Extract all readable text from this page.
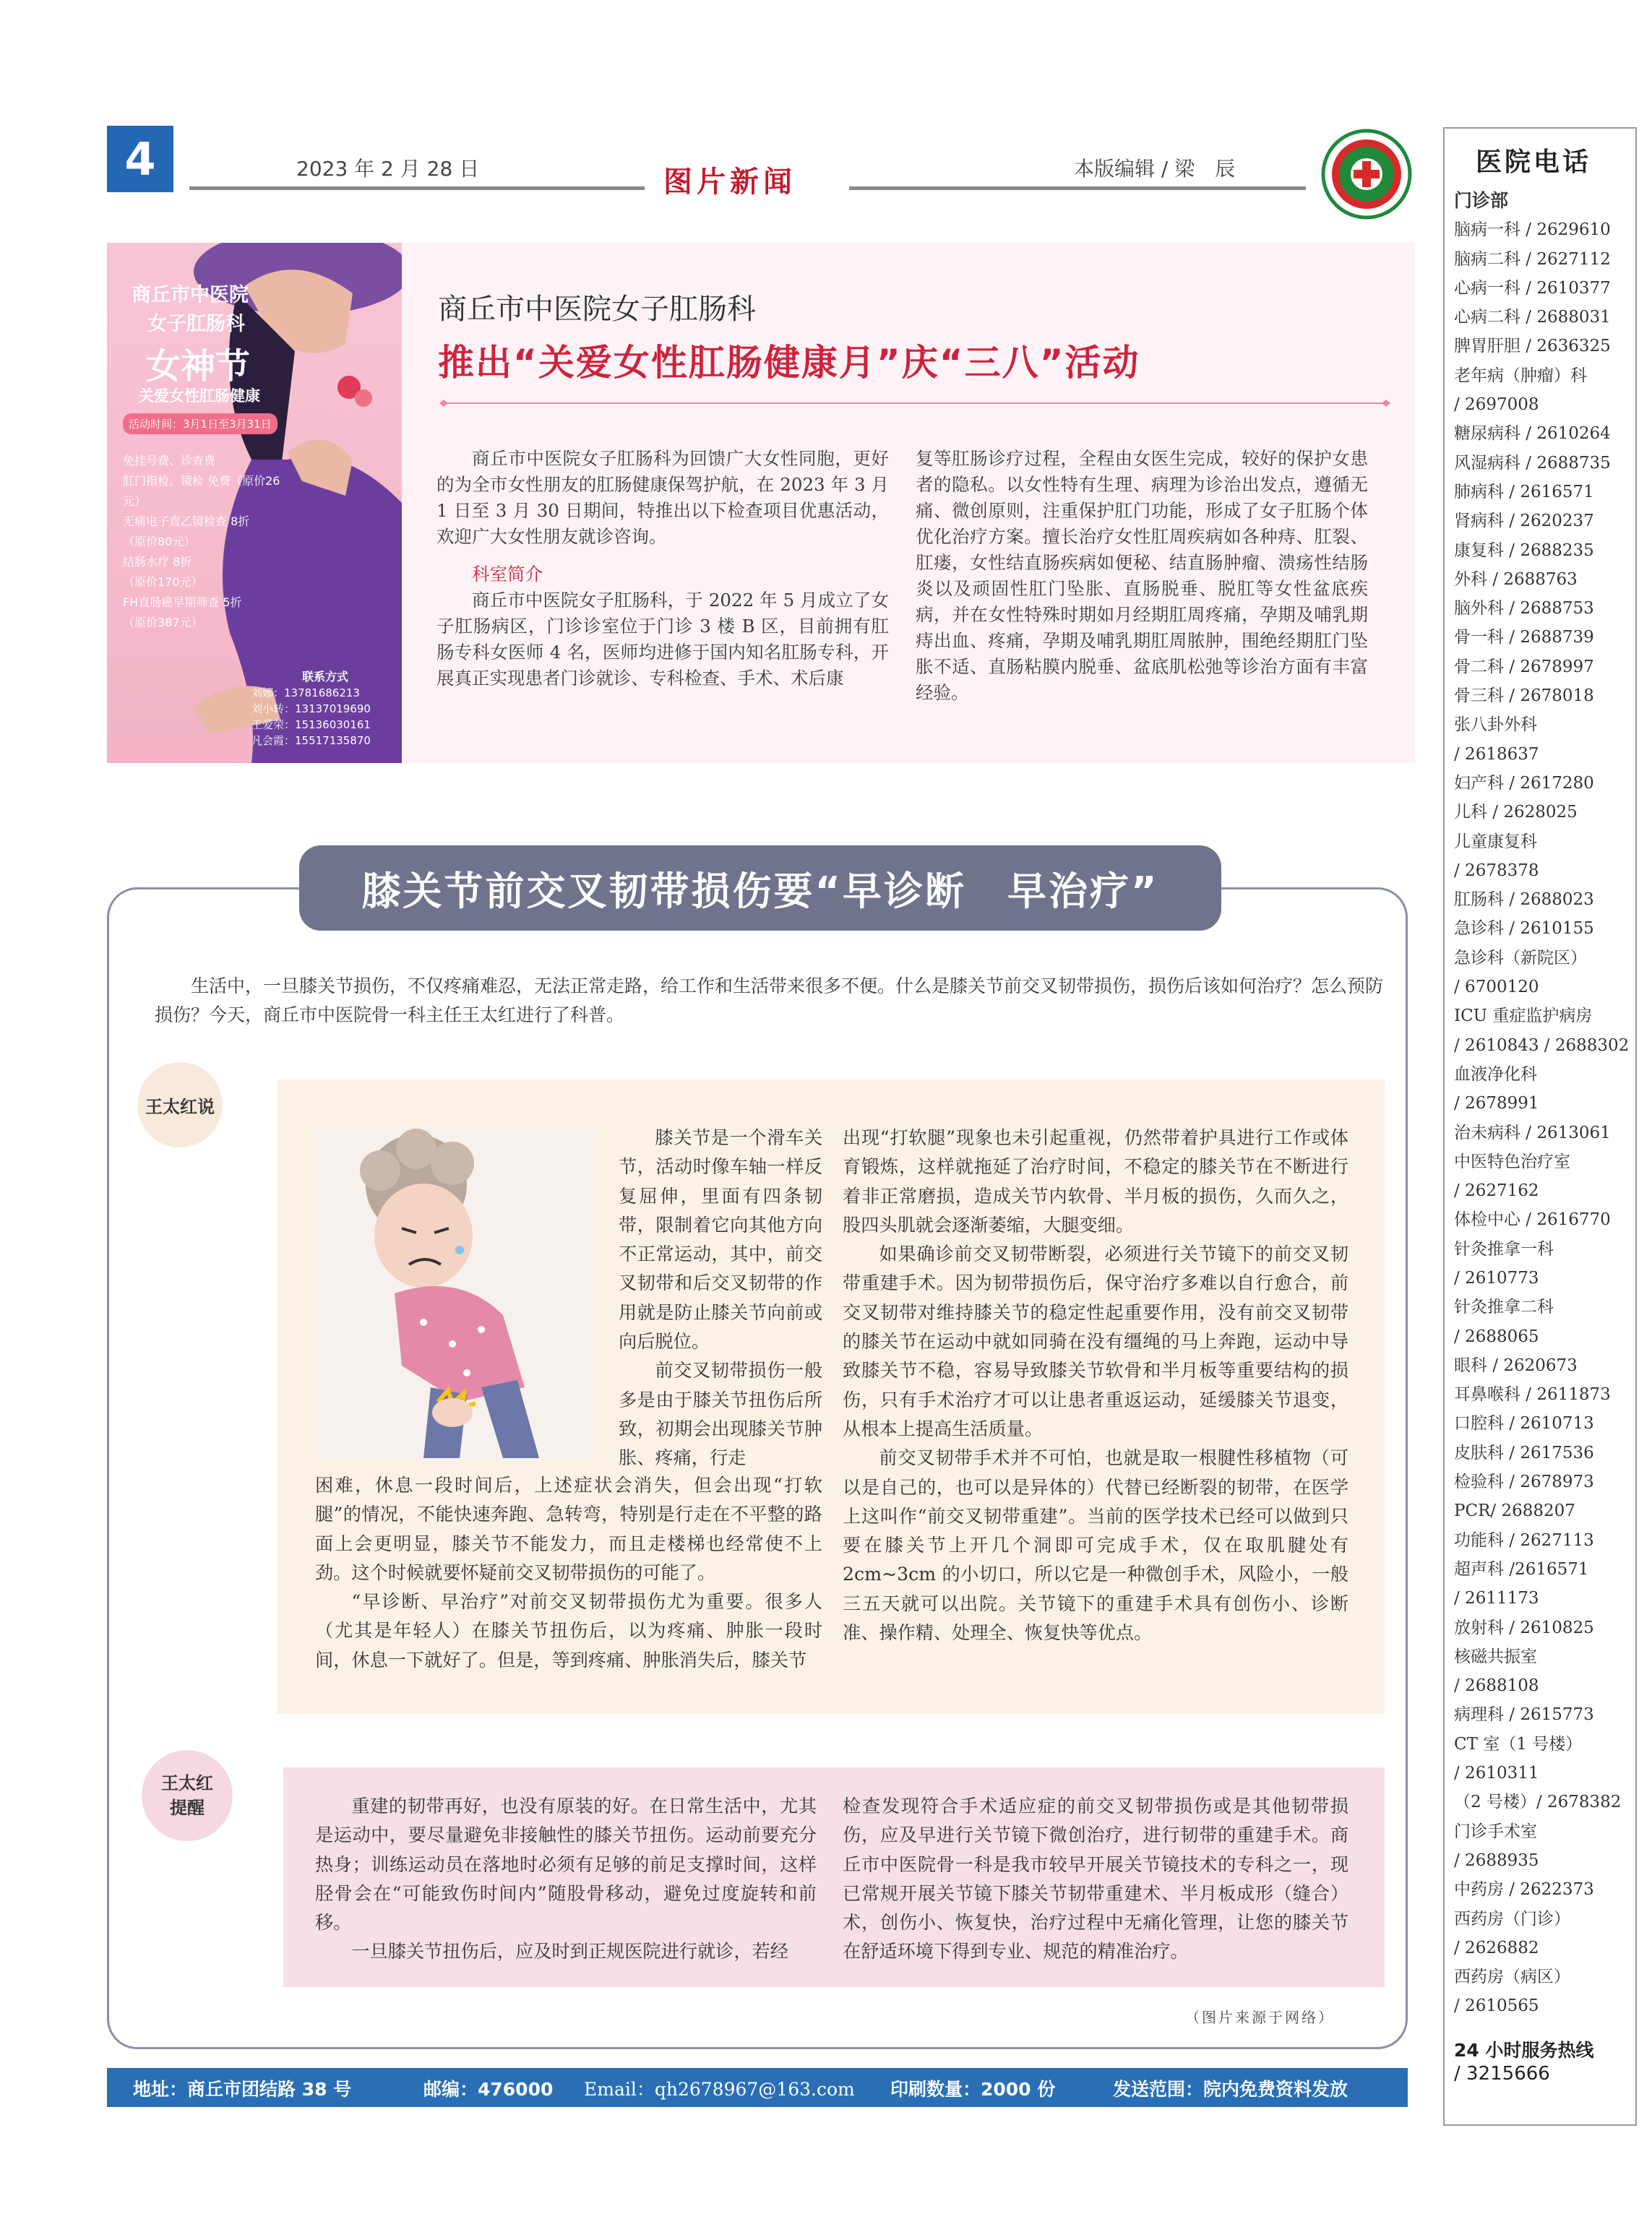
4	2023 年 2 月 28 日	图片新闻	本版编辑 / 梁　辰
商丘市中医院
女子肛肠科
女神节
关爱女性肛肠健康
活动时间：3月1日至3月31日
免挂号费、诊查费
肛门指检、镜检 免费（原价26元）
无痛电子直乙镜检查 8折
（原价80元）
结肠水疗 8折
（原价170元）
FH直肠癌早期筛查 5折
（原价387元）
联系方式
刘娜：13781686213
刘小转：13137019690
王爱荣：15136030161
凡会霞：15517135870
商丘市中医院女子肛肠科
推出“关爱女性肛肠健康月”庆“三八”活动

商丘市中医院女子肛肠科为回馈广大女性同胞，更好的为全市女性朋友的肛肠健康保驾护航，在 2023 年 3 月 1 日至 3 月 30 日期间，特推出以下检查项目优惠活动，欢迎广大女性朋友就诊咨询。

科室简介

商丘市中医院女子肛肠科，于 2022 年 5 月成立了女子肛肠病区，门诊诊室位于门诊 3 楼 B 区，目前拥有肛肠专科女医师 4 名，医师均进修于国内知名肛肠专科，开展真正实现患者门诊就诊、专科检查、手术、术后康

复等肛肠诊疗过程，全程由女医生完成，较好的保护女患者的隐私。以女性特有生理、病理为诊治出发点，遵循无痛、微创原则，注重保护肛门功能，形成了女子肛肠个体优化治疗方案。擅长治疗女性肛周疾病如各种痔、肛裂、肛瘘，女性结直肠疾病如便秘、结直肠肿瘤、溃疡性结肠炎以及顽固性肛门坠胀、直肠脱垂、脱肛等女性盆底疾病，并在女性特殊时期如月经期肛周疼痛，孕期及哺乳期痔出血、疼痛，孕期及哺乳期肛周脓肿，围绝经期肛门坠胀不适、直肠粘膜内脱垂、盆底肌松弛等诊治方面有丰富经验。

膝关节前交叉韧带损伤要“早诊断　早治疗”
生活中，一旦膝关节损伤，不仅疼痛难忍，无法正常走路，给工作和生活带来很多不便。什么是膝关节前交叉韧带损伤，损伤后该如何治疗？怎么预防损伤？今天，商丘市中医院骨一科主任王太红进行了科普。
王太红说

膝关节是一个滑车关节，活动时像车轴一样反复屈伸，里面有四条韧带，限制着它向其他方向不正常运动，其中，前交叉韧带和后交叉韧带的作用就是防止膝关节向前或向后脱位。

前交叉韧带损伤一般多是由于膝关节扭伤后所致，初期会出现膝关节肿胀、疼痛，行走

困难，休息一段时间后，上述症状会消失，但会出现“打软腿”的情况，不能快速奔跑、急转弯，特别是行走在不平整的路面上会更明显，膝关节不能发力，而且走楼梯也经常使不上劲。这个时候就要怀疑前交叉韧带损伤的可能了。

“早诊断、早治疗”对前交叉韧带损伤尤为重要。很多人（尤其是年轻人）在膝关节扭伤后，以为疼痛、肿胀一段时间，休息一下就好了。但是，等到疼痛、肿胀消失后，膝关节

出现“打软腿”现象也未引起重视，仍然带着护具进行工作或体育锻炼，这样就拖延了治疗时间，不稳定的膝关节在不断进行着非正常磨损，造成关节内软骨、半月板的损伤，久而久之，股四头肌就会逐渐萎缩，大腿变细。

如果确诊前交叉韧带断裂，必须进行关节镜下的前交叉韧带重建手术。因为韧带损伤后，保守治疗多难以自行愈合，前交叉韧带对维持膝关节的稳定性起重要作用，没有前交叉韧带的膝关节在运动中就如同骑在没有缰绳的马上奔跑，运动中导致膝关节不稳，容易导致膝关节软骨和半月板等重要结构的损伤，只有手术治疗才可以让患者重返运动，延缓膝关节退变，从根本上提高生活质量。

前交叉韧带手术并不可怕，也就是取一根腱性移植物（可以是自己的，也可以是异体的）代替已经断裂的韧带，在医学上这叫作“前交叉韧带重建”。当前的医学技术已经可以做到只要在膝关节上开几个洞即可完成手术，仅在取肌腱处有 2cm~3cm 的小切口，所以它是一种微创手术，风险小，一般三五天就可以出院。关节镜下的重建手术具有创伤小、诊断准、操作精、处理全、恢复快等优点。

王太红
提醒	重建的韧带再好，也没有原装的好。在日常生活中，尤其是运动中，要尽量避免非接触性的膝关节扭伤。运动前要充分热身；训练运动员在落地时必须有足够的前足支撑时间，这样胫骨会在“可能致伤时间内”随股骨移动，避免过度旋转和前移。

一旦膝关节扭伤后，应及时到正规医院进行就诊，若经

检查发现符合手术适应症的前交叉韧带损伤或是其他韧带损伤，应及早进行关节镜下微创治疗，进行韧带的重建手术。商丘市中医院骨一科是我市较早开展关节镜技术的专科之一，现已常规开展关节镜下膝关节韧带重建术、半月板成形（缝合）术，创伤小、恢复快，治疗过程中无痛化管理，让您的膝关节在舒适环境下得到专业、规范的精准治疗。

（图片来源于网络）
医院电话
门诊部
脑病一科 / 2629610
脑病二科 / 2627112
心病一科 / 2610377
心病二科 / 2688031
脾胃肝胆 / 2636325
老年病（肿瘤）科
/ 2697008
糖尿病科 / 2610264
风湿病科 / 2688735
肺病科 / 2616571
肾病科 / 2620237
康复科 / 2688235
外科 / 2688763
脑外科 / 2688753
骨一科 / 2688739
骨二科 / 2678997
骨三科 / 2678018
张八卦外科
/ 2618637
妇产科 / 2617280
儿科 / 2628025
儿童康复科
/ 2678378
肛肠科 / 2688023
急诊科 / 2610155
急诊科（新院区）
/ 6700120
ICU 重症监护病房
/ 2610843 / 2688302
血液净化科
/ 2678991
治未病科 / 2613061
中医特色治疗室
/ 2627162
体检中心 / 2616770
针灸推拿一科
/ 2610773
针灸推拿二科
/ 2688065
眼科 / 2620673
耳鼻喉科 / 2611873
口腔科 / 2610713
皮肤科 / 2617536
检验科 / 2678973
PCR/ 2688207
功能科 / 2627113
超声科 /2616571
/ 2611173
放射科 / 2610825
核磁共振室
/ 2688108
病理科 / 2615773
CT 室（1 号楼）
/ 2610311
（2 号楼）/ 2678382
门诊手术室
/ 2688935
中药房 / 2622373
西药房（门诊）
/ 2626882
西药房（病区）
/ 2610565
24 小时服务热线
/ 3215666
地址：商丘市团结路 38 号	邮编：476000 Email：qh2678967@163.com 印刷数量：2000 份	发送范围：院内免费资料发放
